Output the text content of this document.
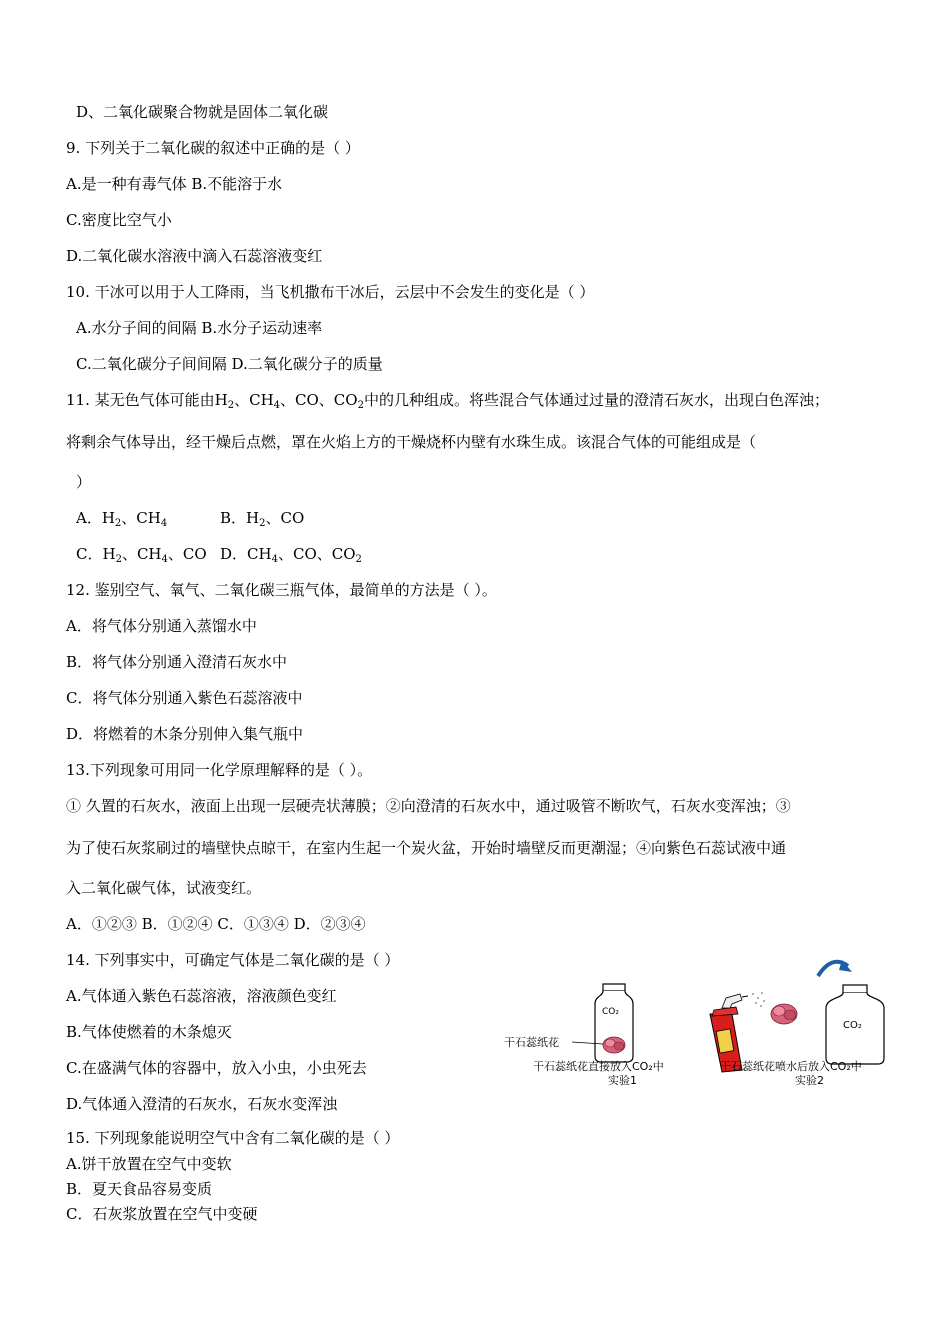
D、二氧化碳聚合物就是固体二氧化碳
9. 下列关于二氧化碳的叙述中正确的是（ ）
A.是一种有毒气体 B.不能溶于水
C.密度比空气小
D.二氧化碳水溶液中滴入石蕊溶液变红
10. 干冰可以用于人工降雨，当飞机撒布干冰后，云层中不会发生的变化是（ ）
A.水分子间的间隔 B.水分子运动速率
C.二氧化碳分子间间隔 D.二氧化碳分子的质量
11. 某无色气体可能由$H_2$、$CH_4$、CO、$CO_2$中的几种组成。将些混合气体通过过量的澄清石灰水，出现白色浑浊；
将剩余气体导出，经干燥后点燃，罩在火焰上方的干燥烧杯内壁有水珠生成。该混合气体的可能组成是（
）
A．$H_2$、$CH_4$	B．$H_2$、CO
C．$H_2$、$CH_4$、CO D．$CH_4$、CO、$CO_2$
12. 鉴别空气、氧气、二氧化碳三瓶气体，最简单的方法是（ ）。
A．将气体分别通入蒸馏水中
B．将气体分别通入澄清石灰水中
C．将气体分别通入紫色石蕊溶液中
D．将燃着的木条分别伸入集气瓶中
13.下列现象可用同一化学原理解释的是（ ）。
① 久置的石灰水，液面上出现一层硬壳状薄膜；②向澄清的石灰水中，通过吸管不断吹气，石灰水变浑浊；③
为了使石灰浆刷过的墙壁快点晾干，在室内生起一个炭火盆，开始时墙壁反而更潮湿；④向紫色石蕊试液中通
入二氧化碳气体，试液变红。
A．①②③ B．①②④ C．①③④ D．②③④
14. 下列事实中，可确定气体是二氧化碳的是（ ）
A.气体通入紫色石蕊溶液，溶液颜色变红
B.气体使燃着的木条熄灭
C.在盛满气体的容器中，放入小虫，小虫死去
D.气体通入澄清的石灰水，石灰水变浑浊
CO₂
干石蕊纸花
CO₂
干石蕊纸花直接放入CO₂中
实验1
干石蕊纸花喷水后放入CO₂中
实验2
15. 下列现象能说明空气中含有二氧化碳的是（ ）
A.饼干放置在空气中变软
B．夏天食品容易变质
C．石灰浆放置在空气中变硬
